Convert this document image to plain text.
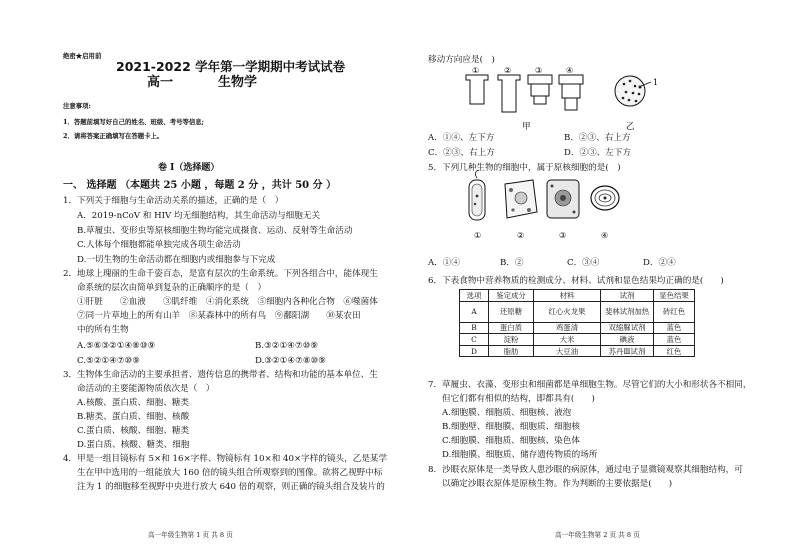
绝密★启用前
2021-2022 学年第一学期期中考试试卷
高一	生物学
注意事项:
1．答题前填写好自己的姓名、班级、考号等信息;
2．请将答案正确填写在答题卡上。
卷 I（选择题）
一、 选择题 （本题共 25 小题 ，每题 2 分 ，共计 50 分 ）
1．下列关于细胞与生命活动关系的描述，正确的是（　）
A．2019-nCoV 和 HIV 均无细胞结构，其生命活动与细胞无关
B.草履虫、变形虫等原核细胞生物均能完成摄食、运动、反射等生命活动
C.人体每个细胞都能单独完成各项生命活动
D.一切生物的生命活动都在细胞内或细胞参与下完成
2．地球上瑰丽的生命千姿百态，是富有层次的生命系统。下列各组合中，能体现生
命系统的层次由简单到复杂的正确顺序的是（　）
①肝脏　　②血液　　③肌纤维　④消化系统　⑤细胞内各种化合物　⑥噬菌体
⑦同一片草地上的所有山羊　⑧某森林中的所有鸟　⑨鄱阳湖　　⑩某农田
中的所有生物
A.⑤⑥③②①④⑧⑩⑨	B.③②①④⑦⑩⑨
C.⑤②①④⑦⑩⑨	D.③②①④⑦⑧⑩⑨
3．生物体生命活动的主要承担者、遗传信息的携带者、结构和功能的基本单位、生
命活动的主要能源物质依次是（　）
A.核酸、蛋白质、细胞、糖类
B.糖类、蛋白质、细胞、核酸
C.蛋白质、核酸、细胞、糖类
D.蛋白质、核酸、糖类、细胞
4．甲是一组目镜标有 5×和 16×字样、物镜标有 10×和 40×字样的镜头，乙是某学
生在甲中选用的一组能放大 160 倍的镜头组合所观察到的图像。欲将乙视野中标
注为 1 的细胞移至视野中央进行放大 640 倍的观察，则正确的镜头组合及装片的
高一年级生物第 1 页 共 8 页
移动方向应是(　)
①	②	③	④
甲
1
乙
A．①④、左下方	B．②③、右上方
C．②③、右上方	D．②③、左下方
5．下列几种生物的细胞中，属于原核细胞的是(　)
①	②	③	④
A．①④	B．②	C．③④	D．②④
6．下表食物中营养物质的检测成分、材料、试剂和显色结果均正确的是(　　)
选项	鉴定成分	材料	试剂	显色结果
A	还原糖	红心火龙果	斐林试剂加热	砖红色
B	蛋白质	鸡蛋清	双缩脲试剂	蓝色
C	淀粉	大米	碘液	蓝色
D	脂肪	大豆油	苏丹Ⅲ试剂	红色
7．草履虫、衣藻、变形虫和细菌都是单细胞生物。尽管它们的大小和形状各不相同，
但它们都有相似的结构，即都具有(　　)
A.细胞膜、细胞质、细胞核、液泡
B.细胞壁、细胞膜、细胞质、细胞核
C.细胞膜、细胞质、细胞核、染色体
D.细胞膜、细胞质、储存遗传物质的场所
8．沙眼衣原体是一类导致人患沙眼的病原体，通过电子显微镜观察其细胞结构，可
以确定沙眼衣原体是原核生物。作为判断的主要依据是(　　)
高一年级生物第 2 页 共 8 页
